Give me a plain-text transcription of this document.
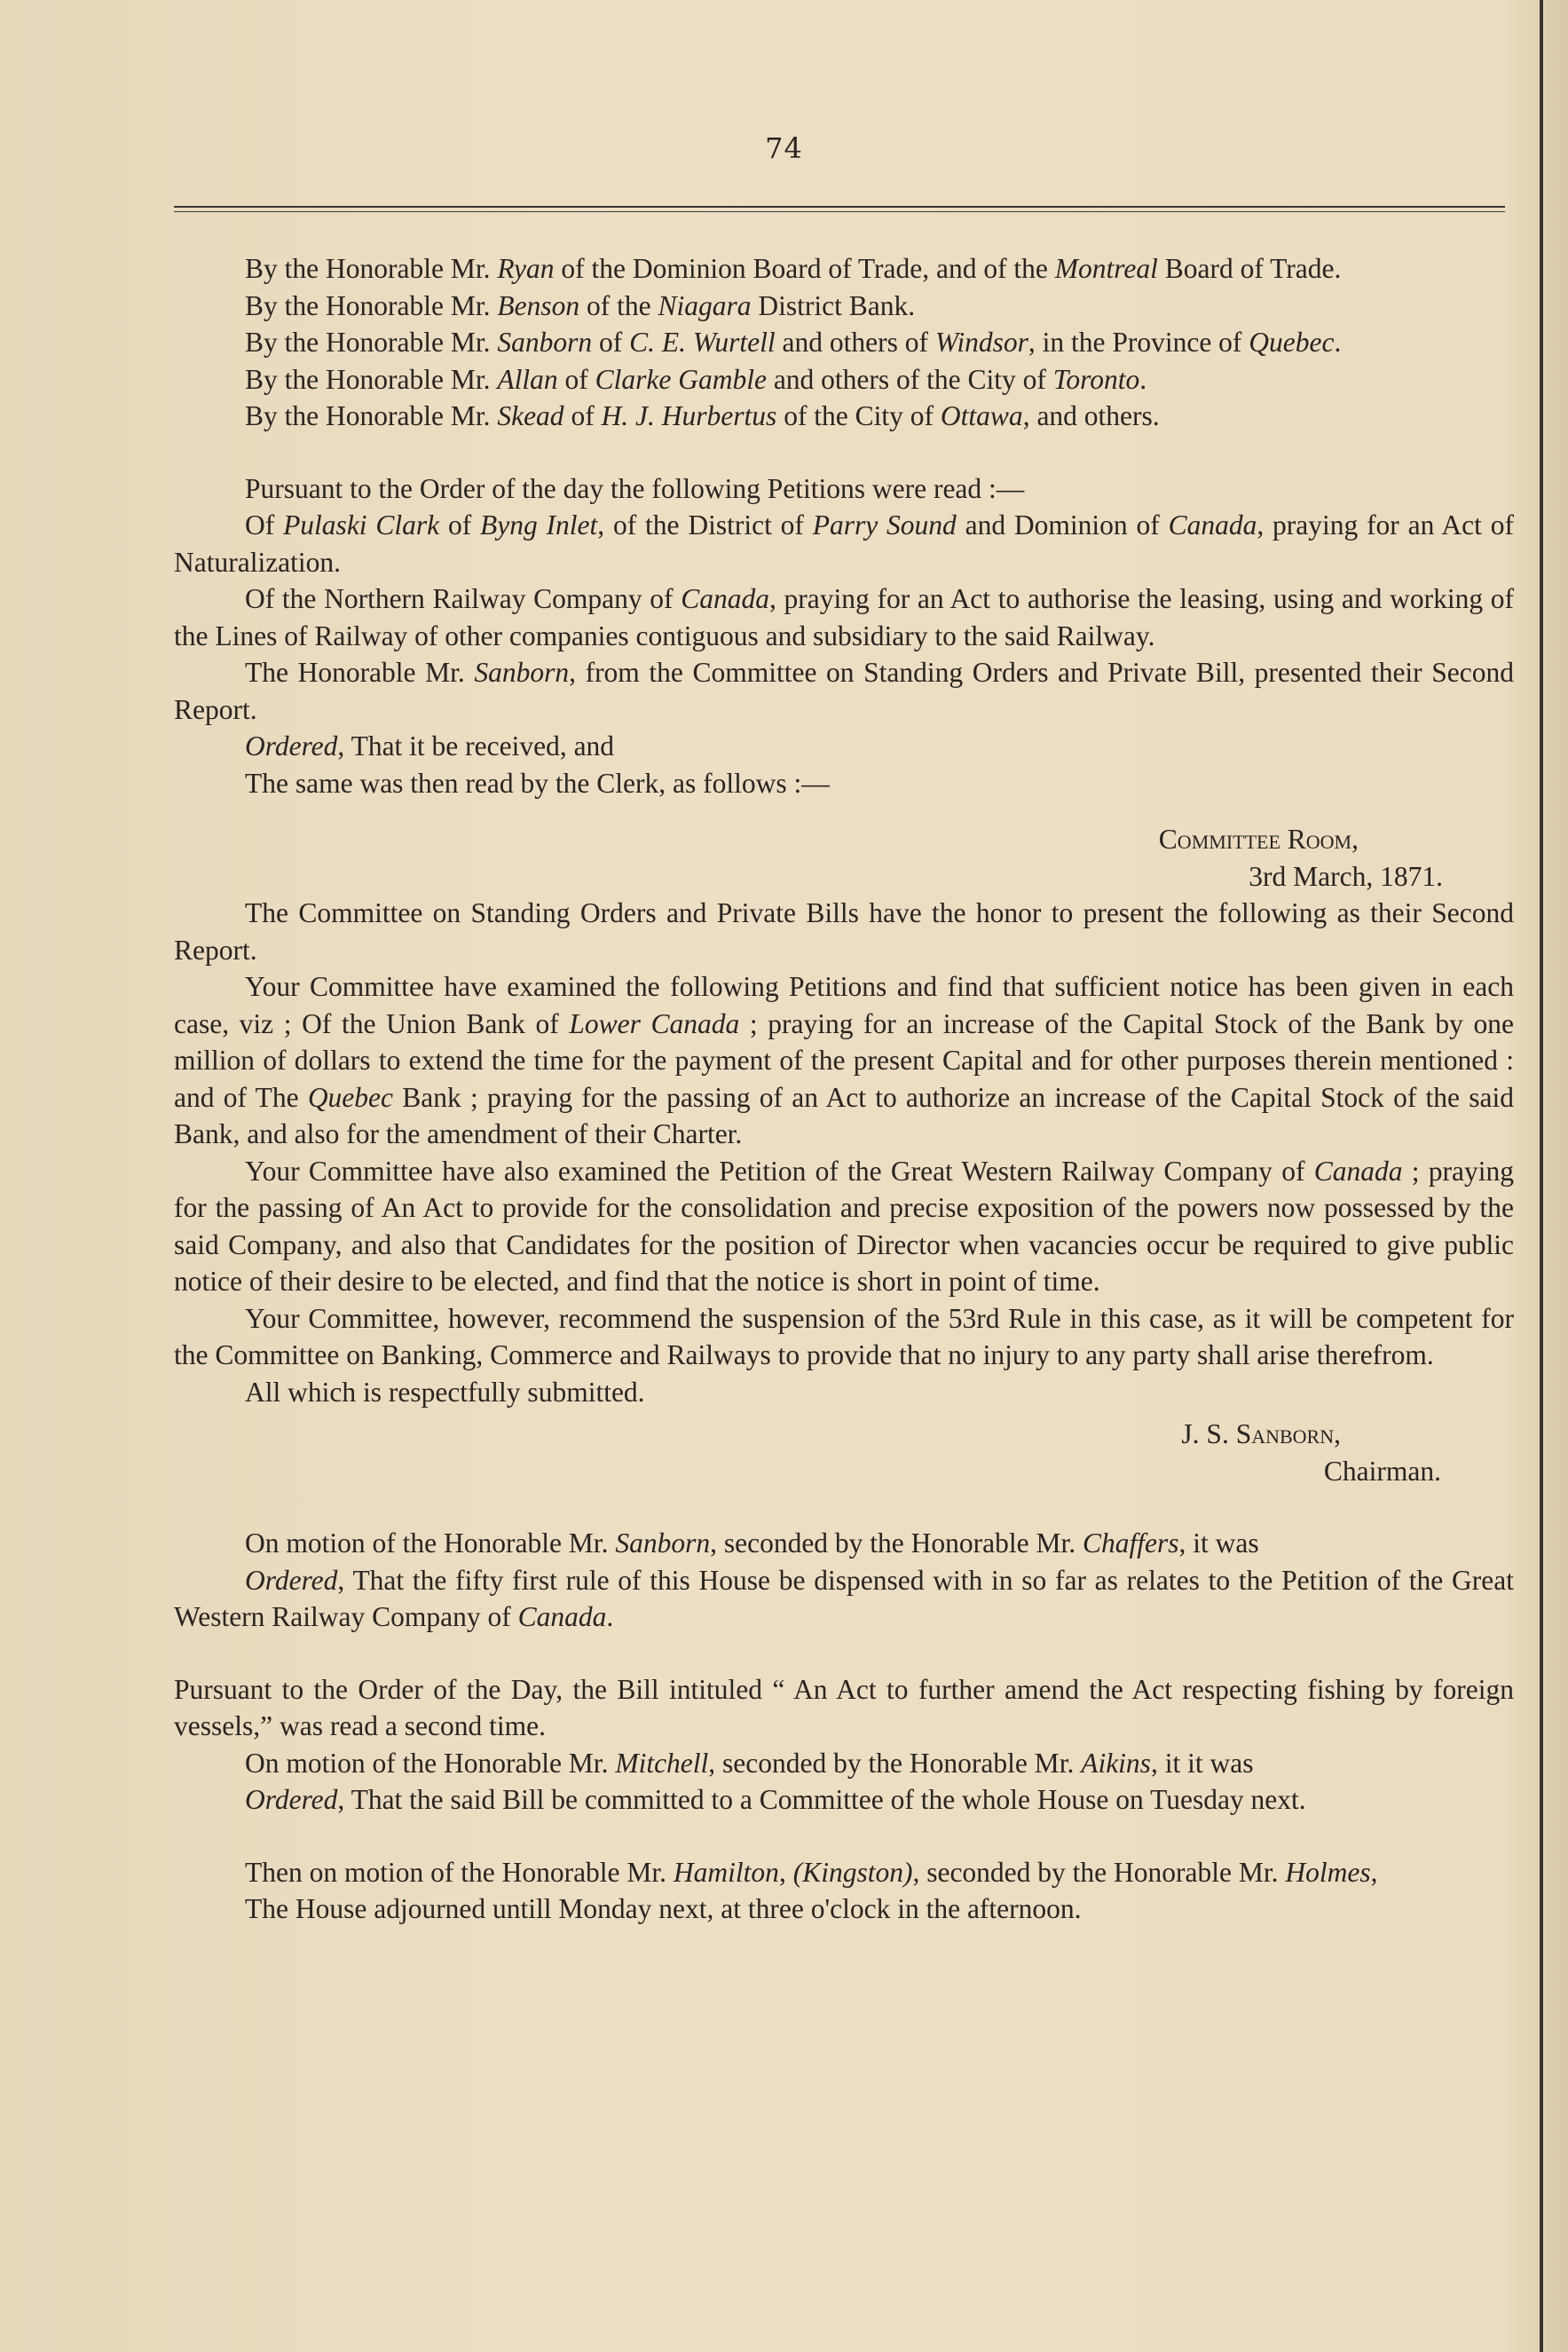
74

By the Honorable Mr. Ryan of the Dominion Board of Trade, and of the Montreal Board of Trade.

By the Honorable Mr. Benson of the Niagara District Bank.

By the Honorable Mr. Sanborn of C. E. Wurtell and others of Windsor, in the Province of Quebec.

By the Honorable Mr. Allan of Clarke Gamble and others of the City of Toronto.

By the Honorable Mr. Skead of H. J. Hurbertus of the City of Ottawa, and others.

Pursuant to the Order of the day the following Petitions were read :—

Of Pulaski Clark of Byng Inlet, of the District of Parry Sound and Dominion of Canada, praying for an Act of Naturalization.

Of the Northern Railway Company of Canada, praying for an Act to authorise the leasing, using and working of the Lines of Railway of other companies contiguous and subsidiary to the said Railway.

The Honorable Mr. Sanborn, from the Committee on Standing Orders and Private Bill, presented their Second Report.

Ordered, That it be received, and

The same was then read by the Clerk, as follows :—

Committee Room,

3rd March, 1871.

The Committee on Standing Orders and Private Bills have the honor to present the following as their Second Report.

Your Committee have examined the following Petitions and find that sufficient notice has been given in each case, viz ; Of the Union Bank of Lower Canada ; praying for an increase of the Capital Stock of the Bank by one million of dollars to extend the time for the payment of the present Capital and for other purposes therein mentioned : and of The Quebec Bank ; praying for the passing of an Act to authorize an increase of the Capital Stock of the said Bank, and also for the amendment of their Charter.

Your Committee have also examined the Petition of the Great Western Railway Company of Canada ; praying for the passing of An Act to provide for the consolidation and precise exposition of the powers now possessed by the said Company, and also that Candidates for the position of Director when vacancies occur be required to give public notice of their desire to be elected, and find that the notice is short in point of time.

Your Committee, however, recommend the suspension of the 53rd Rule in this case, as it will be competent for the Committee on Banking, Commerce and Railways to provide that no injury to any party shall arise therefrom.

All which is respectfully submitted.

J. S. Sanborn,

Chairman.

On motion of the Honorable Mr. Sanborn, seconded by the Honorable Mr. Chaffers, it was

Ordered, That the fifty first rule of this House be dispensed with in so far as relates to the Petition of the Great Western Railway Company of Canada.

Pursuant to the Order of the Day, the Bill intituled “ An Act to further amend the Act respecting fishing by foreign vessels,” was read a second time.

On motion of the Honorable Mr. Mitchell, seconded by the Honorable Mr. Aikins, it it was

Ordered, That the said Bill be committed to a Committee of the whole House on Tuesday next.

Then on motion of the Honorable Mr. Hamilton, (Kingston), seconded by the Honorable Mr. Holmes,

The House adjourned untill Monday next, at three o'clock in the afternoon.
